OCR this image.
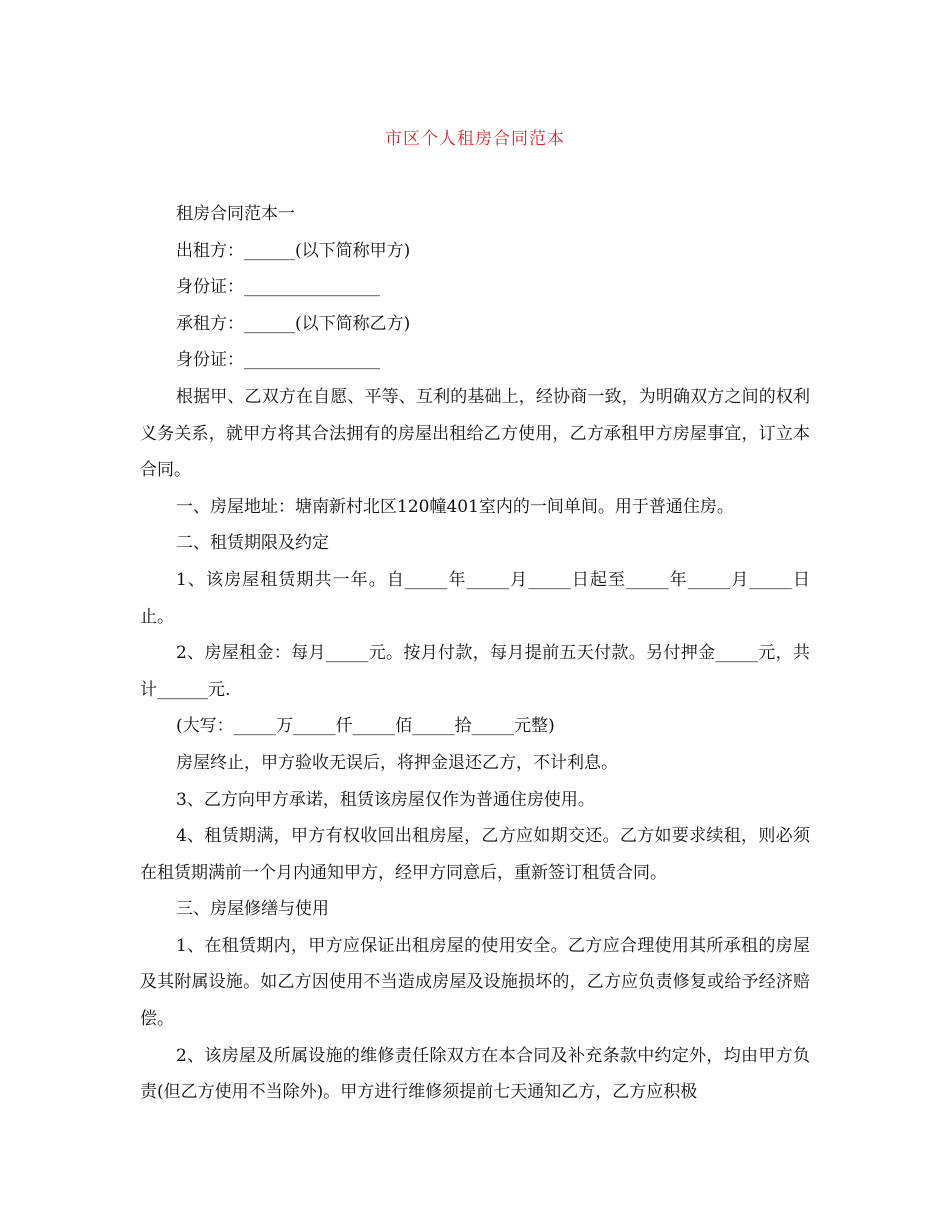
市区个人租房合同范本

租房合同范本一

出租方：______(以下简称甲方)

身份证：________________

承租方：______(以下简称乙方)

身份证：________________

根据甲、乙双方在自愿、平等、互利的基础上，经协商一致，为明确双方之间的权利义务关系，就甲方将其合法拥有的房屋出租给乙方使用，乙方承租甲方房屋事宜，订立本合同。

一、房屋地址：塘南新村北区120幢401室内的一间单间。用于普通住房。

二、租赁期限及约定

1、该房屋租赁期共一年。自_____年_____月_____日起至_____年_____月_____日止。

2、房屋租金：每月_____元。按月付款，每月提前五天付款。另付押金_____元，共计______元.

(大写：_____万_____仟_____佰_____拾_____元整)

房屋终止，甲方验收无误后，将押金退还乙方，不计利息。

3、乙方向甲方承诺，租赁该房屋仅作为普通住房使用。

4、租赁期满，甲方有权收回出租房屋，乙方应如期交还。乙方如要求续租，则必须在租赁期满前一个月内通知甲方，经甲方同意后，重新签订租赁合同。

三、房屋修缮与使用

1、在租赁期内，甲方应保证出租房屋的使用安全。乙方应合理使用其所承租的房屋及其附属设施。如乙方因使用不当造成房屋及设施损坏的，乙方应负责修复或给予经济赔偿。

2、该房屋及所属设施的维修责任除双方在本合同及补充条款中约定外，均由甲方负责(但乙方使用不当除外)。甲方进行维修须提前七天通知乙方，乙方应积极
